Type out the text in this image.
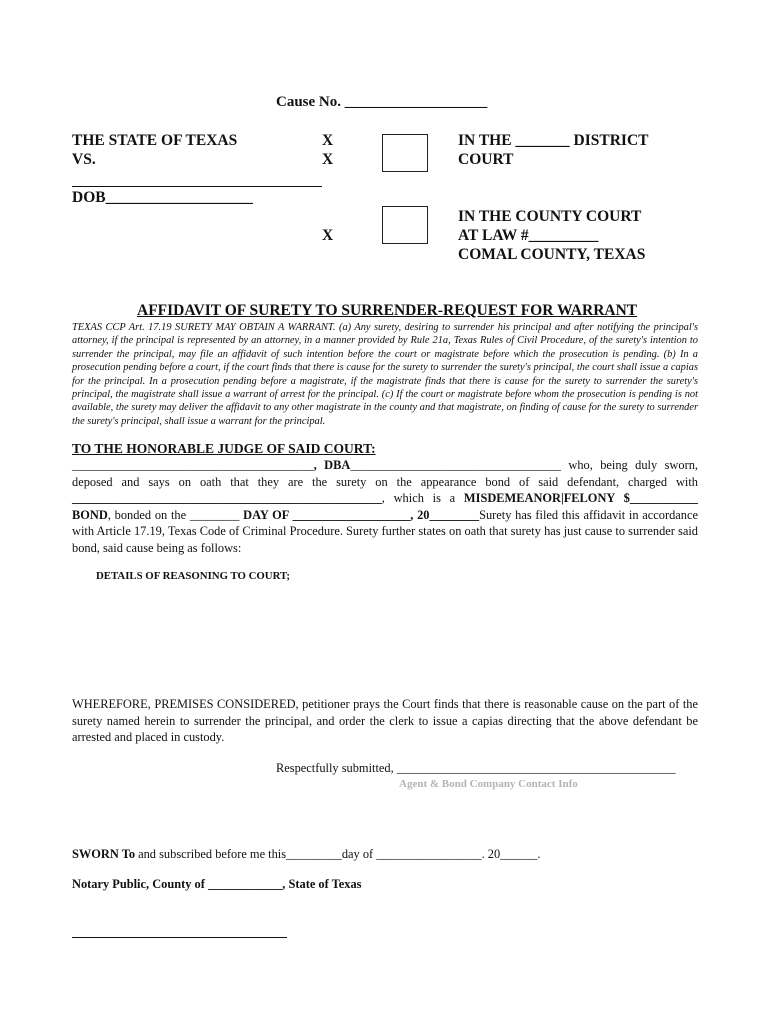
Cause No. ___________________
THE STATE OF TEXAS
VS.
DOB___________________
X
X
X
IN THE _______ DISTRICT
COURT
IN THE COUNTY COURT
AT LAW #_________
COMAL COUNTY, TEXAS
AFFIDAVIT OF SURETY TO SURRENDER-REQUEST FOR WARRANT
TEXAS CCP Art. 17.19 SURETY MAY OBTAIN A WARRANT. (a) Any surety, desiring to surrender his principal and after notifying the principal's attorney, if the principal is represented by an attorney, in a manner provided by Rule 21a, Texas Rules of Civil Procedure, of the surety's intention to surrender the principal, may file an affidavit of such intention before the court or magistrate before which the prosecution is pending. (b) In a prosecution pending before a court, if the court finds that there is cause for the surety to surrender the surety's principal, the court shall issue a capias for the principal. In a prosecution pending before a magistrate, if the magistrate finds that there is cause for the surety to surrender the surety's principal, the magistrate shall issue a warrant of arrest for the principal. (c) If the court or magistrate before whom the prosecution is pending is not available, the surety may deliver the affidavit to any other magistrate in the county and that magistrate, on finding of cause for the surety to surrender the surety's principal, shall issue a warrant for the principal.
TO THE HONORABLE JUDGE OF SAID COURT:
_______________________________________, DBA__________________________________ who, being duly sworn, deposed and says on oath that they are the surety on the appearance bond of said defendant, charged with __________________________________________________, which is a MISDEMEANOR|FELONY $___________ BOND, bonded on the ________ DAY OF ___________________, 20________Surety has filed this affidavit in accordance with Article 17.19, Texas Code of Criminal Procedure. Surety further states on oath that surety has just cause to surrender said bond, said cause being as follows:
DETAILS OF REASONING TO COURT;
WHEREFORE, PREMISES CONSIDERED, petitioner prays the Court finds that there is reasonable cause on the part of the surety named herein to surrender the principal, and order the clerk to issue a capias directing that the above defendant be arrested and placed in custody.
Respectfully submitted, _____________________________________________
Agent & Bond Company Contact Info
SWORN To and subscribed before me this_________day of _________________. 20______.
Notary Public, County of ____________, State of Texas
